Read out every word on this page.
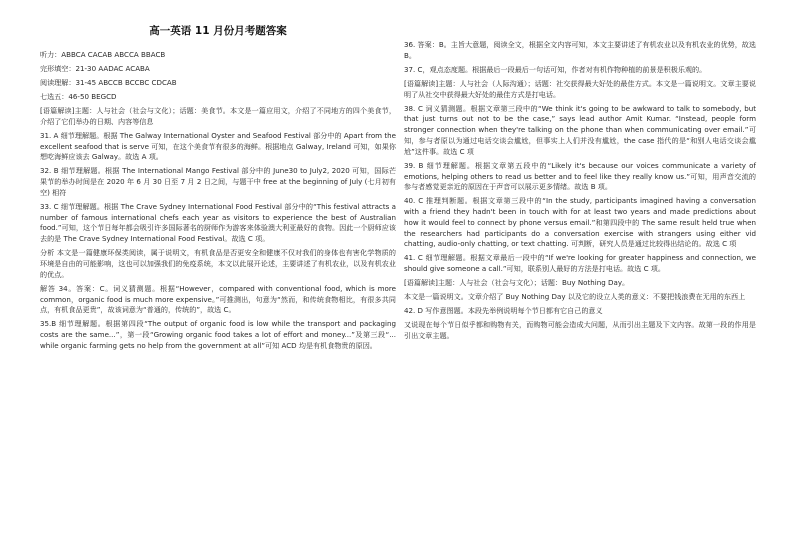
高一英语 11 月份月考题答案
听力：ABBCA CACAB ABCCA BBACB
完形填空：21-30 AADAC ACABA
阅读理解：31-45 ABCCB BCCBC CDCAB
七选五：46-50 BEGCD
[语篇解读]主题：人与社会（社会与文化）；话题：美食节。本文是一篇应用文，介绍了不同地方的四个美食节，介绍了它们举办的日期、内容等信息
31. A 细节理解题。根据 The Galway International Oyster and Seafood Festival 部分中的 Apart from the excellent seafood that is serve 可知，在这个美食节有很多的海鲜。根据地点 Galway, Ireland 可知，如果你想吃海鲜应该去 Galway。故选 A 项。
32. B 细节理解题。根据 The International Mango Festival 部分中的 June30 to July2, 2020 可知，国际芒果节的举办时间是在 2020 年 6 月 30 日至 7 月 2 日之间，与题干中 free at the beginning of July (七月初有空) 相符
33. C 细节理解题。根据 The Crave Sydney International Food Festival 部分中的“This festival attracts a number of famous international chefs each year as visitors to experience the best of Australian food.”可知，这个节日每年都会吸引许多国际著名的厨师作为游客来体验澳大利亚最好的食物。因此一个厨师应该去的是 The Crave Sydney International Food Festival。故选 C 项。
分析 本文是一篇健康环保类阅读，属于说明文，有机食品是否更安全和健康不仅对我们的身体也有害化学物质的环境是自由的可能影响，这也可以加强我们的免疫系统，本文以此展开论述，主要讲述了有机农业，以及有机农业的优点。
解答 34。答案：C。词义猜测题。根据“However，compared with conventional food, which is more common，organic food is much more expensive。”可推测出，句意为“然而，和传统食物相比，有很多共同点，有机食品更贵”，故该词意为“普通的，传统的”，故选 C。
35.B 细节理解题。根据第四段“The output of organic food is low while the transport and packaging costs are the same...”，第一段“Growing organic food takes a lot of effort and money...”及第三段“... while organic farming gets no help from the government at all”可知 ACD 均是有机食物贵的原因。
36. 答案：B。主旨大意题，阅读全文，根据全文内容可知，本文主要讲述了有机农业以及有机农业的优势，故选 B。
37. C，观点态度题。根据最后一段最后一句话可知，作者对有机作物种植的前景是积极乐观的。
[语篇解读]主题：人与社会（人际沟通）；话题：社交获得最大好处的最佳方式。本文是一篇说明文。文章主要说明了从社交中获得最大好处的最佳方式是打电话。
38. C 词义猜测题。根据文章第三段中的“We think it's going to be awkward to talk to somebody, but that just turns out not to be the case,” says lead author Amit Kumar. “Instead, people form stronger connection when they're talking on the phone than when communicating over email.”可知，参与者原以为通过电话交谈会尴尬，但事实上人们并没有尴尬，the case 指代的是“和别人电话交谈会尴尬”这件事。故选 C 项
39. B 细节理解题。根据文章第五段中的“Likely it's because our voices communicate a variety of emotions, helping others to read us better and to feel like they really know us.”可知，用声音交流的参与者感觉更亲近的原因在于声音可以展示更多情绪。故选 B 项。
40. C 推理判断题。根据文章第三段中的“In the study, participants imagined having a conversation with a friend they hadn't been in touch with for at least two years and made predictions about how it would feel to connect by phone versus email.”和第四段中的 The same result held true when the researchers had participants do a conversation exercise with strangers using either vid chatting, audio-only chatting, or text chatting. 可判断，研究人员是通过比较得出结论的。故选 C 项
41. C 细节理解题。根据文章最后一段中的“If we're looking for greater happiness and connection, we should give someone a call.”可知，联系别人最好的方法是打电话。故选 C 项。
[语篇解读]主题：人与社会（社会与文化）；话题：Buy Nothing Day。
本文是一篇说明文。文章介绍了 Buy Nothing Day 以及它的设立人类的意义：不要把钱浪费在无用的东西上
42. D 写作意图题。本段先举例说明每个节日都有它自己的意义
又说现在每个节日似乎都和购物有关，而购物可能会造成大问题，从而引出主题及下文内容。故第一段的作用是引出文章主题。
